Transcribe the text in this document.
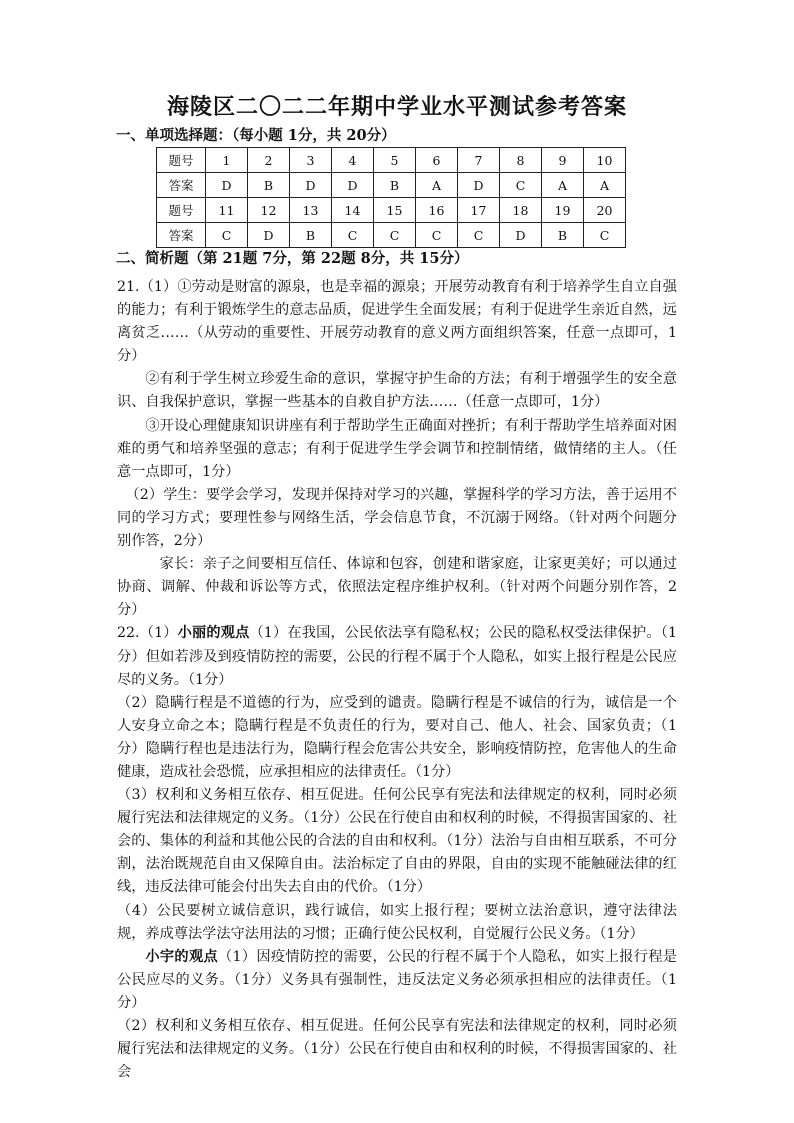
海陵区二〇二二年期中学业水平测试参考答案
一、单项选择题：（每小题 1分，共 20分）
题号	1	2	3	4	5	6	7	8	9	10
答案	D	B	D	D	B	A	D	C	A	A
题号	11	12	13	14	15	16	17	18	19	20
答案	C	D	B	C	C	C	C	D	B	C
二、简析题（第 21题 7分，第 22题 8分，共 15分）

21.（1）①劳动是财富的源泉，也是幸福的源泉；开展劳动教育有利于培养学生自立自强的能力；有利于锻炼学生的意志品质，促进学生全面发展；有利于促进学生亲近自然，远离贫乏……（从劳动的重要性、开展劳动教育的意义两方面组织答案，任意一点即可，1分）

②有利于学生树立珍爱生命的意识，掌握守护生命的方法；有利于增强学生的安全意识、自我保护意识，掌握一些基本的自救自护方法……（任意一点即可，1分）

③开设心理健康知识讲座有利于帮助学生正确面对挫折；有利于帮助学生培养面对困难的勇气和培养坚强的意志；有利于促进学生学会调节和控制情绪，做情绪的主人。（任意一点即可，1分）

（2）学生：要学会学习，发现并保持对学习的兴趣，掌握科学的学习方法，善于运用不同的学习方式；要理性参与网络生活，学会信息节食，不沉溺于网络。（针对两个问题分别作答，2分）

家长：亲子之间要相互信任、体谅和包容，创建和谐家庭，让家更美好；可以通过协商、调解、仲裁和诉讼等方式，依照法定程序维护权利。（针对两个问题分别作答，2分）

22.（1）小丽的观点（1）在我国，公民依法享有隐私权；公民的隐私权受法律保护。（1分）但如若涉及到疫情防控的需要，公民的行程不属于个人隐私，如实上报行程是公民应尽的义务。（1分）

（2）隐瞒行程是不道德的行为，应受到的谴责。隐瞒行程是不诚信的行为，诚信是一个人安身立命之本；隐瞒行程是不负责任的行为，要对自己、他人、社会、国家负责；（1分）隐瞒行程也是违法行为，隐瞒行程会危害公共安全，影响疫情防控，危害他人的生命健康，造成社会恐慌，应承担相应的法律责任。（1分）

（3）权利和义务相互依存、相互促进。任何公民享有宪法和法律规定的权利，同时必须履行宪法和法律规定的义务。（1分）公民在行使自由和权利的时候，不得损害国家的、社会的、集体的利益和其他公民的合法的自由和权利。（1分）法治与自由相互联系，不可分割，法治既规范自由又保障自由。法治标定了自由的界限，自由的实现不能触碰法律的红线，违反法律可能会付出失去自由的代价。（1分）

（4）公民要树立诚信意识，践行诚信，如实上报行程；要树立法治意识，遵守法律法规，养成尊法学法守法用法的习惯；正确行使公民权利，自觉履行公民义务。（1分）

小宇的观点（1）因疫情防控的需要，公民的行程不属于个人隐私，如实上报行程是公民应尽的义务。（1分）义务具有强制性，违反法定义务必须承担相应的法律责任。（1分）

（2）权利和义务相互依存、相互促进。任何公民享有宪法和法律规定的权利，同时必须履行宪法和法律规定的义务。（1分）公民在行使自由和权利的时候，不得损害国家的、社会
